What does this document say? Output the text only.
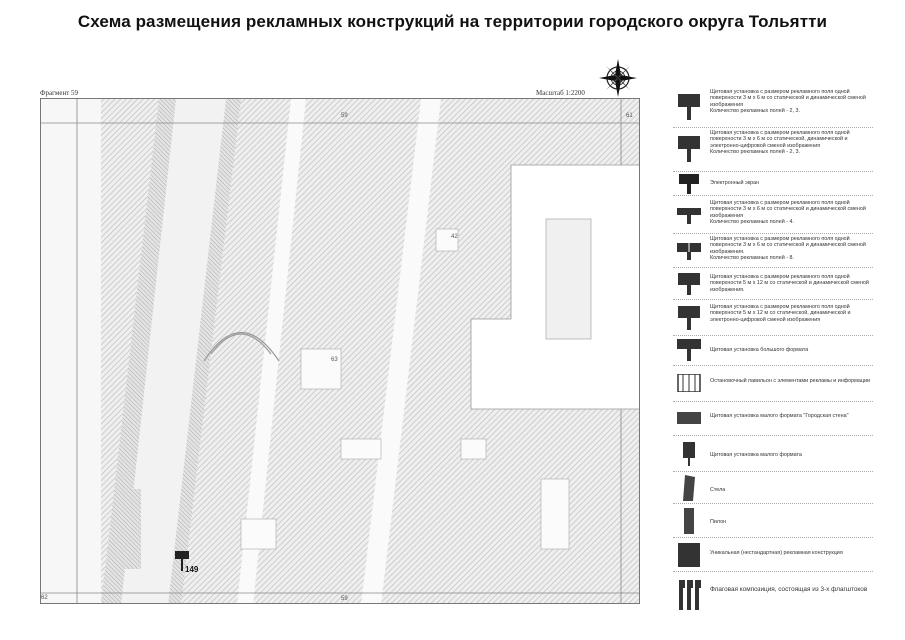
Схема размещения рекламных конструкций на территории городского округа Тольятти
Фрагмент 59	Масштаб 1:2200
59
42
61
62
63
59
149
Щитовая установка с размером рекламного поля одной поверхности 3 м х 6 м со статической и динамической сменой изображения
Количество рекламных полей - 2, 3.
Щитовая установка с размером рекламного поля одной поверхности 3 м х 6 м со статической, динамической и электронно-цифровой сменой изображения
Количество рекламных полей - 2, 3.
Электронный экран
Щитовая установка с размером рекламного поля одной поверхности 3 м х 6 м со статической и динамической сменой изображения
Количество рекламных полей - 4.
Щитовая установка с размером рекламного поля одной поверхности 3 м х 6 м со статической и динамической сменой изображения.
Количество рекламных полей - 8.
Щитовая установка с размером рекламного поля одной поверхности 5 м х 12 м со статической и динамической сменой изображения.
Щитовая установка с размером рекламного поля одной поверхности 5 м х 12 м со статической, динамической и электронно-цифровой сменой изображения
Щитовая установка большого формата
Остановочный павильон с элементами рекламы и информации
Щитовая установка малого формата "Городская стена"
Щитовая установка малого формата
Стела
Пилон
Уникальная (нестандартная) рекламная конструкция
Флаговая композиция, состоящая из 3-х флагштоков
